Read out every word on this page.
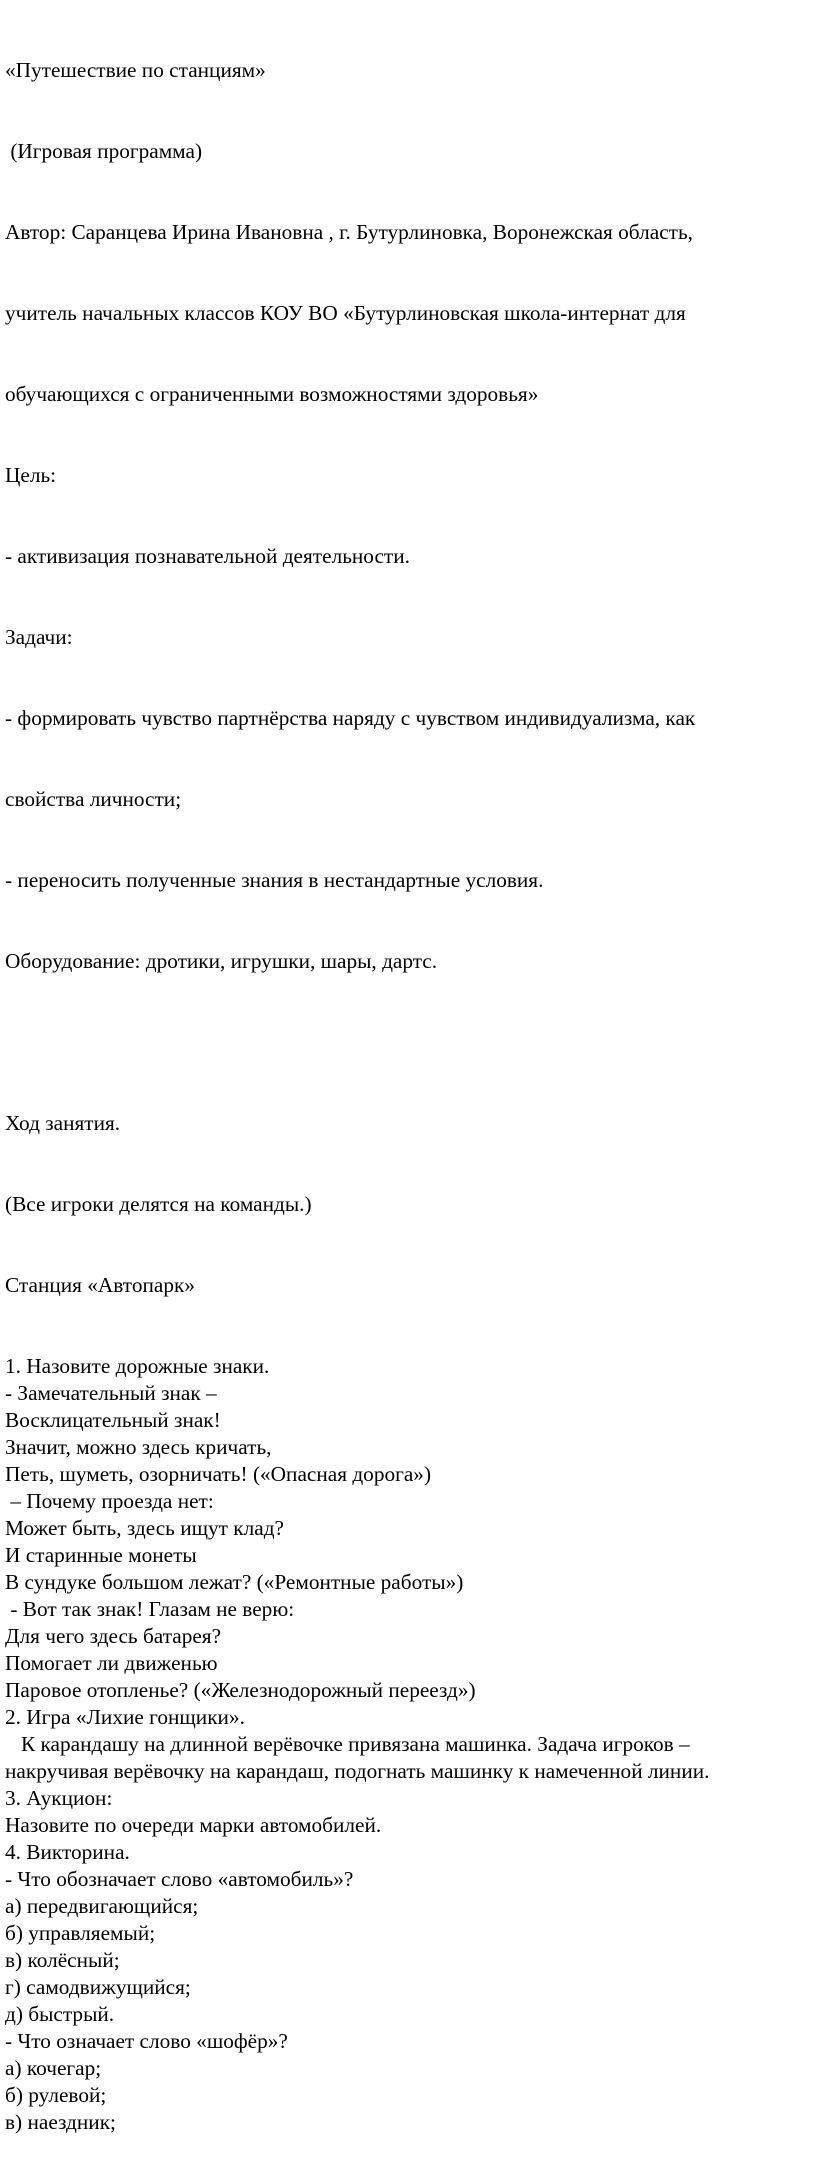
«Путешествие по станциям»

(Игровая программа)

Автор: Саранцева Ирина Ивановна , г. Бутурлиновка, Воронежская область,

учитель начальных классов КОУ ВО «Бутурлиновская школа-интернат для

обучающихся с ограниченными возможностями здоровья»

Цель:

- активизация познавательной деятельности.

Задачи:

- формировать чувство партнёрства наряду с чувством индивидуализма, как

свойства личности;

- переносить полученные знания в нестандартные условия.

Оборудование: дротики, игрушки, шары, дартс.

Ход занятия.

(Все игроки делятся на команды.)

Станция «Автопарк»

1. Назовите дорожные знаки.
- Замечательный знак –
Восклицательный знак!
Значит, можно здесь кричать,
Петь, шуметь, озорничать! («Опасная дорога»)
– Почему проезда нет:
Может быть, здесь ищут клад?
И старинные монеты
В сундуке большом лежат? («Ремонтные работы»)
- Вот так знак! Глазам не верю:
Для чего здесь батарея?
Помогает ли движенью
Паровое отопленье? («Железнодорожный переезд»)
2. Игра «Лихие гонщики».
К карандашу на длинной верёвочке привязана машинка. Задача игроков –
накручивая верёвочку на карандаш, подогнать машинку к намеченной линии.
3. Аукцион:
Назовите по очереди марки автомобилей.
4. Викторина.
- Что обозначает слово «автомобиль»?
а) передвигающийся;
б) управляемый;
в) колёсный;
г) самодвижущийся;
д) быстрый.
- Что означает слово «шофёр»?
а) кочегар;
б) рулевой;
в) наездник;
